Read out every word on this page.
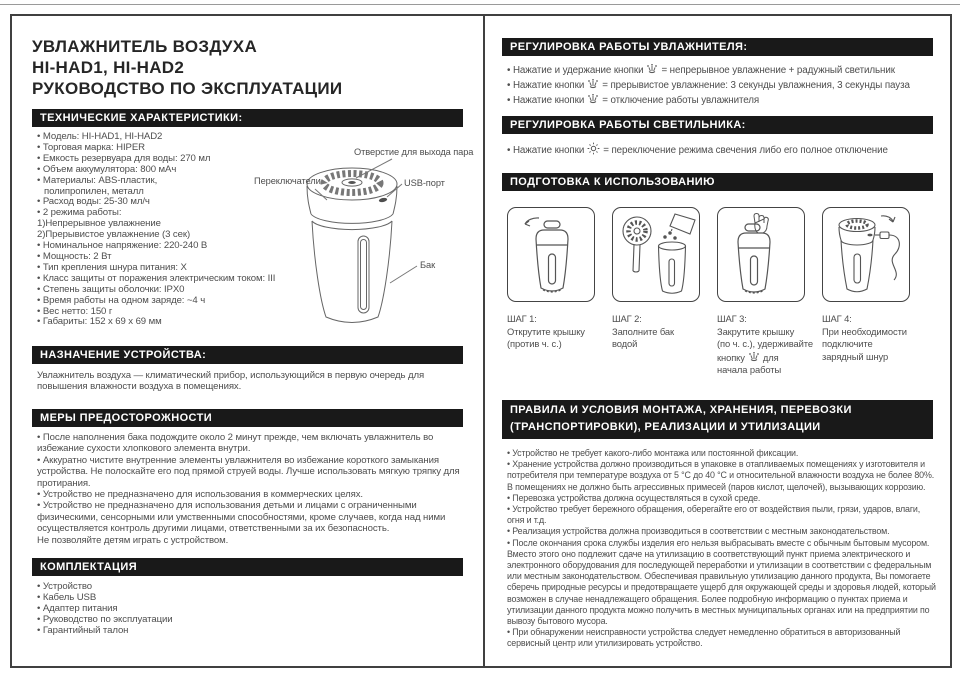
УВЛАЖНИТЕЛЬ ВОЗДУХА
HI-HAD1, HI-HAD2
РУКОВОДСТВО ПО ЭКСПЛУАТАЦИИ
ТЕХНИЧЕСКИЕ ХАРАКТЕРИСТИКИ:
• Модель: HI-HAD1, HI-HAD2
• Торговая марка: HIPER
• Емкость резервуара для воды: 270 мл
• Объем аккумулятора: 800 мАч
• Материалы: ABS-пластик,
полипропилен, металл
• Расход воды: 25-30 мл/ч
• 2 режима работы:
1)Непрерывное увлажнение
2)Прерывистое увлажнение (3 сек)
• Номинальное напряжение: 220-240 В
• Мощность: 2 Вт
• Тип крепления шнура питания: X
• Класс защиты от поражения электрическим током: III
• Степень защиты оболочки: IPX0
• Время работы на одном заряде: ~4 ч
• Вес нетто: 150 г
• Габариты: 152 x 69 x 69 мм
Отверстие для выхода пара
Переключатели	USB-порт
Бак
НАЗНАЧЕНИЕ УСТРОЙСТВА:
Увлажнитель воздуха — климатический прибор, использующийся в первую очередь для повышения влажности воздуха в помещениях.
МЕРЫ ПРЕДОСТОРОЖНОСТИ
• После наполнения бака подождите около 2 минут прежде, чем включать увлажнитель во избежание сухости хлопкового элемента внутри.
• Аккуратно чистите внутренние элементы увлажнителя во избежание короткого замыкания устройства. Не полоскайте его под прямой струей воды. Лучше использовать мягкую тряпку для протирания.
• Устройство не предназначено для использования в коммерческих целях.
• Устройство не предназначено для использования детьми и лицами с ограниченными физическими, сенсорными или умственными способностями, кроме случаев, когда над ними осуществляется контроль другими лицами, ответственными за их безопасность.
Не позволяйте детям играть с устройством.
КОМПЛЕКТАЦИЯ
• Устройство
• Кабель USB
• Адаптер питания
• Руководство по эксплуатации
• Гарантийный талон
РЕГУЛИРОВКА РАБОТЫ УВЛАЖНИТЕЛЯ:
• Нажатие и удержание кнопки = непрерывное увлажнение + радужный светильник
• Нажатие кнопки = прерывистое увлажнение: 3 секунды увлажнения, 3 секунды пауза
• Нажатие кнопки = отключение работы увлажнителя
РЕГУЛИРОВКА РАБОТЫ СВЕТИЛЬНИКА:
• Нажатие кнопки = переключение режима свечения либо его полное отключение
ПОДГОТОВКА К ИСПОЛЬЗОВАНИЮ
ШАГ 1:
Открутите крышку
(против ч. с.)
ШАГ 2:
Заполните бак
водой
ШАГ 3:
Закрутите крышку
(по ч. с.), удерживайте
кнопку для
начала работы
ШАГ 4:
При необходимости
подключите
зарядный шнур
ПРАВИЛА И УСЛОВИЯ МОНТАЖА, ХРАНЕНИЯ, ПЕРЕВОЗКИ
(ТРАНСПОРТИРОВКИ), РЕАЛИЗАЦИИ И УТИЛИЗАЦИИ
• Устройство не требует какого-либо монтажа или постоянной фиксации.
• Хранение устройства должно производиться в упаковке в отапливаемых помещениях у изготовителя и потребителя при температуре воздуха от 5 °C до 40 °C и относительной влажности воздуха не более 80%. В помещениях не должно быть агрессивных примесей (паров кислот, щелочей), вызывающих коррозию.
• Перевозка устройства должна осуществляться в сухой среде.
• Устройство требует бережного обращения, оберегайте его от воздействия пыли, грязи, ударов, влаги, огня и т.д.
• Реализация устройства должна производиться в соответствии с местным законодательством.
• После окончания срока службы изделия его нельзя выбрасывать вместе с обычным бытовым мусором. Вместо этого оно подлежит сдаче на утилизацию в соответствующий пункт приема электрического и электронного оборудования для последующей переработки и утилизации в соответствии с федеральным или местным законодательством. Обеспечивая правильную утилизацию данного продукта, Вы помогаете сберечь природные ресурсы и предотвращаете ущерб для окружающей среды и здоровья людей, который возможен в случае ненадлежащего обращения. Более подробную информацию о пунктах приема и утилизации данного продукта можно получить в местных муниципальных органах или на предприятии по вывозу бытового мусора.
• При обнаружении неисправности устройства следует немедленно обратиться в авторизованный сервисный центр или утилизировать устройство.
